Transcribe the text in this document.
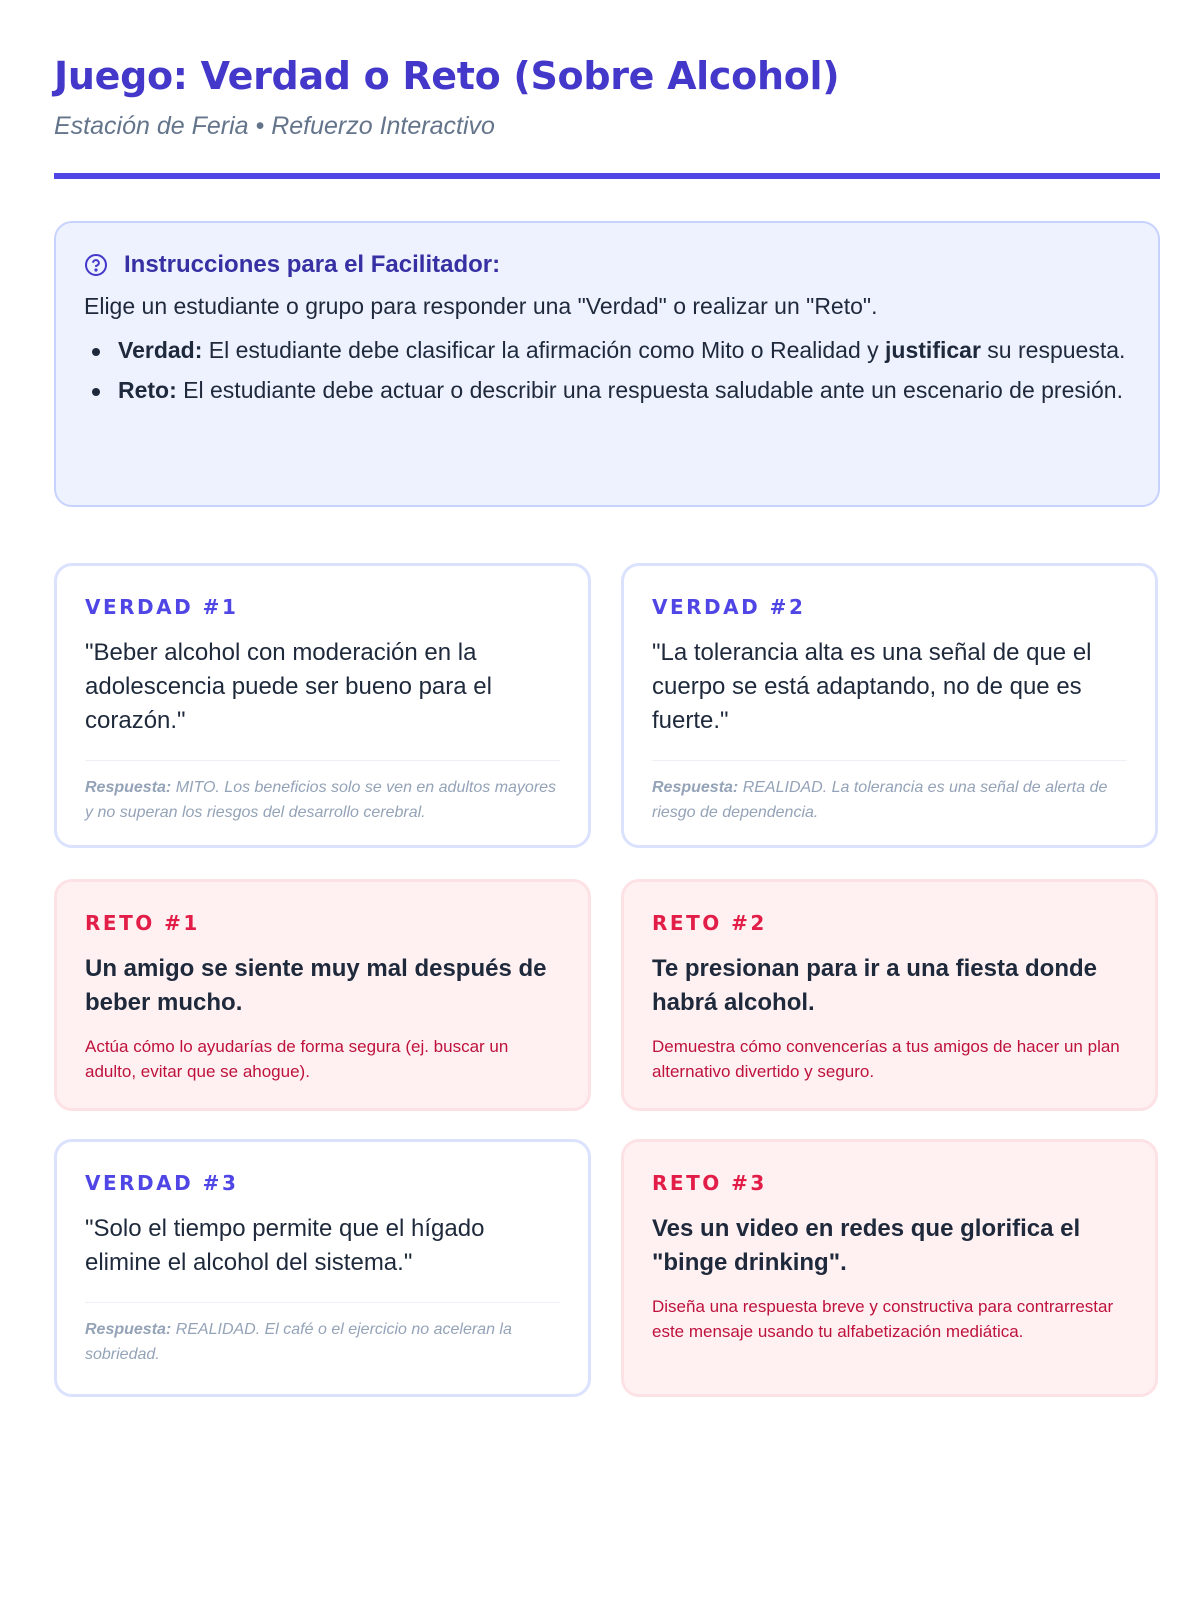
Juego: Verdad o Reto (Sobre Alcohol)
Estación de Feria • Refuerzo Interactivo
Instrucciones para el Facilitador:

Elige un estudiante o grupo para responder una "Verdad" o realizar un "Reto".

Verdad: El estudiante debe clasificar la afirmación como Mito o Realidad y justificar su respuesta.
Reto: El estudiante debe actuar o describir una respuesta saludable ante un escenario de presión.
VERDAD #1

"Beber alcohol con moderación en la adolescencia puede ser bueno para el corazón."

Respuesta: MITO. Los beneficios solo se ven en adultos mayores y no superan los riesgos del desarrollo cerebral.

VERDAD #2

"La tolerancia alta es una señal de que el cuerpo se está adaptando, no de que es fuerte."

Respuesta: REALIDAD. La tolerancia es una señal de alerta de riesgo de dependencia.

RETO #1

Un amigo se siente muy mal después de beber mucho.

Actúa cómo lo ayudarías de forma segura (ej. buscar un adulto, evitar que se ahogue).

RETO #2

Te presionan para ir a una fiesta donde habrá alcohol.

Demuestra cómo convencerías a tus amigos de hacer un plan alternativo divertido y seguro.

VERDAD #3

"Solo el tiempo permite que el hígado elimine el alcohol del sistema."

Respuesta: REALIDAD. El café o el ejercicio no aceleran la sobriedad.

RETO #3

Ves un video en redes que glorifica el "binge drinking".

Diseña una respuesta breve y constructiva para contrarrestar este mensaje usando tu alfabetización mediática.
